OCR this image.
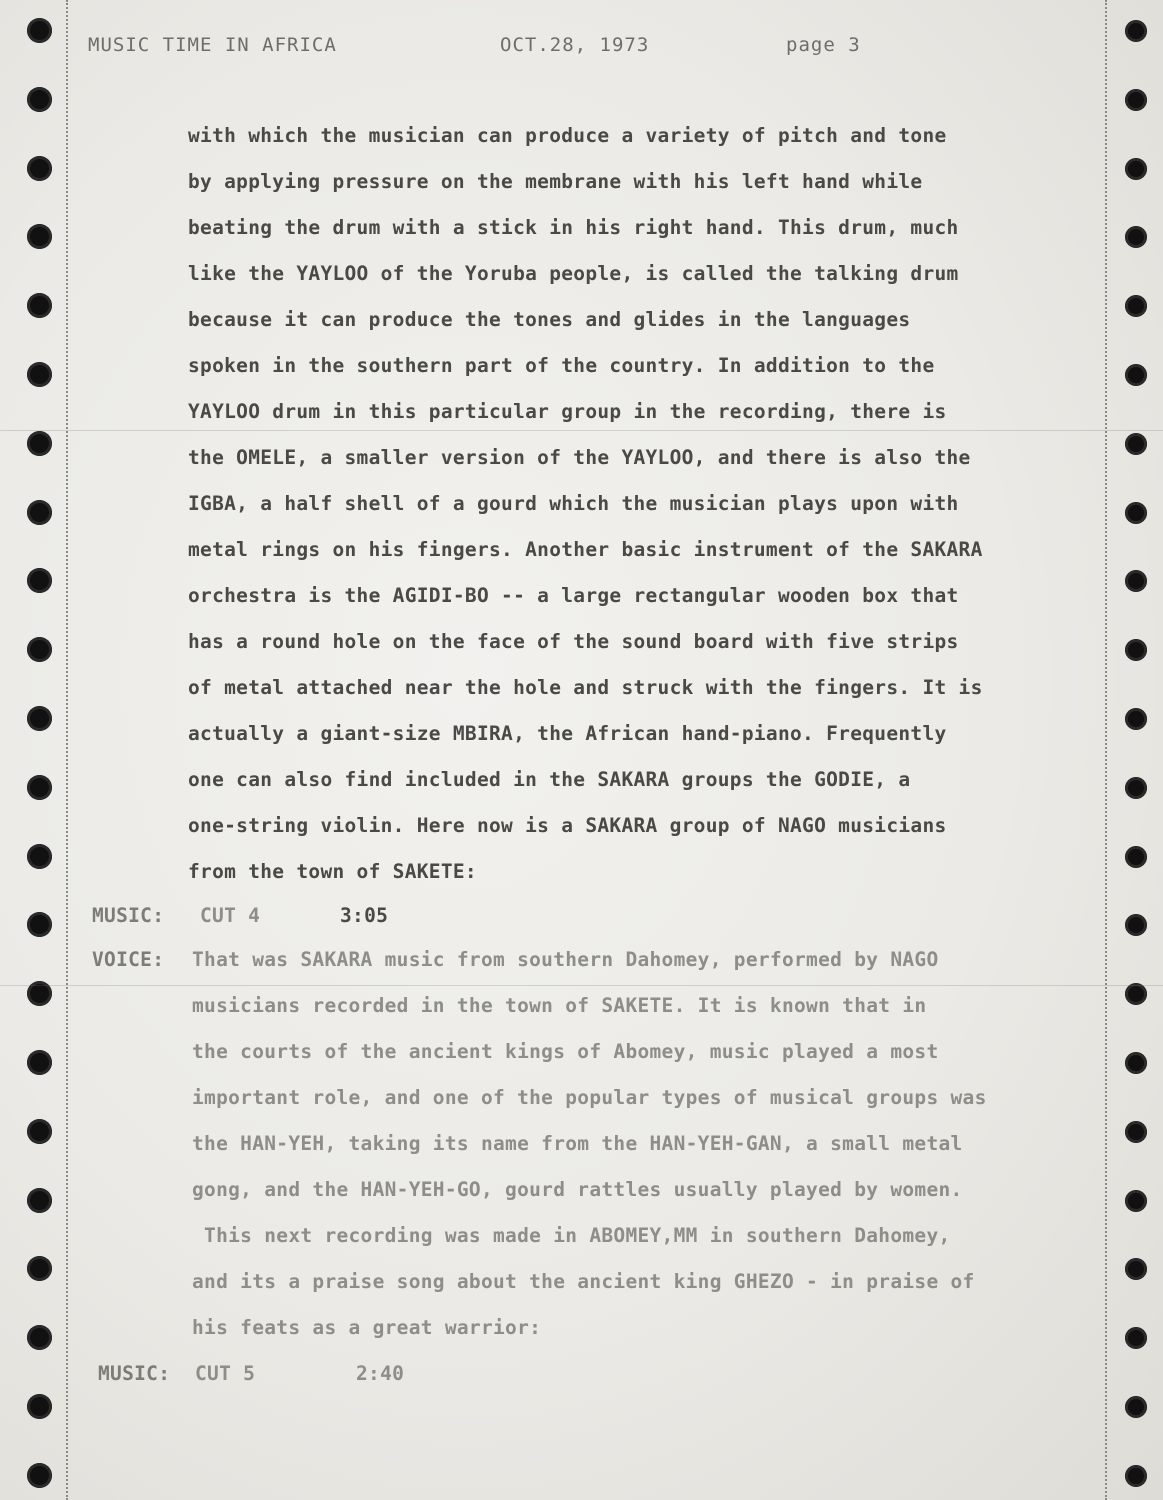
MUSIC TIME IN AFRICA	OCT.28, 1973	page 3
with which the musician can produce a variety of pitch and tone
by applying pressure on the membrane with his left hand while
beating the drum with a stick in his right hand. This drum, much
like the YAYLOO of the Yoruba people, is called the talking drum
because it can produce the tones and glides in the languages
spoken in the southern part of the country. In addition to the
YAYLOO drum in this particular group in the recording, there is
the OMELE, a smaller version of the YAYLOO, and there is also the
IGBA, a half shell of a gourd which the musician plays upon with
metal rings on his fingers. Another basic instrument of the SAKARA
orchestra is the AGIDI-BO -- a large rectangular wooden box that
has a round hole on the face of the sound board with five strips
of metal attached near the hole and struck with the fingers. It is
actually a giant-size MBIRA, the African hand-piano. Frequently
one can also find included in the SAKARA groups the GODIE, a
one-string violin. Here now is a SAKARA group of NAGO musicians
from the town of SAKETE:
MUSIC: CUT 4	3:05
VOICE: That was SAKARA music from southern Dahomey, performed by NAGO
musicians recorded in the town of SAKETE. It is known that in
the courts of the ancient kings of Abomey, music played a most
important role, and one of the popular types of musical groups was
the HAN-YEH, taking its name from the HAN-YEH-GAN, a small metal
gong, and the HAN-YEH-GO, gourd rattles usually played by women.
This next recording was made in ABOMEY,MM in southern Dahomey,
and its a praise song about the ancient king GHEZO - in praise of
his feats as a great warrior:
MUSIC: CUT 5	2:40
